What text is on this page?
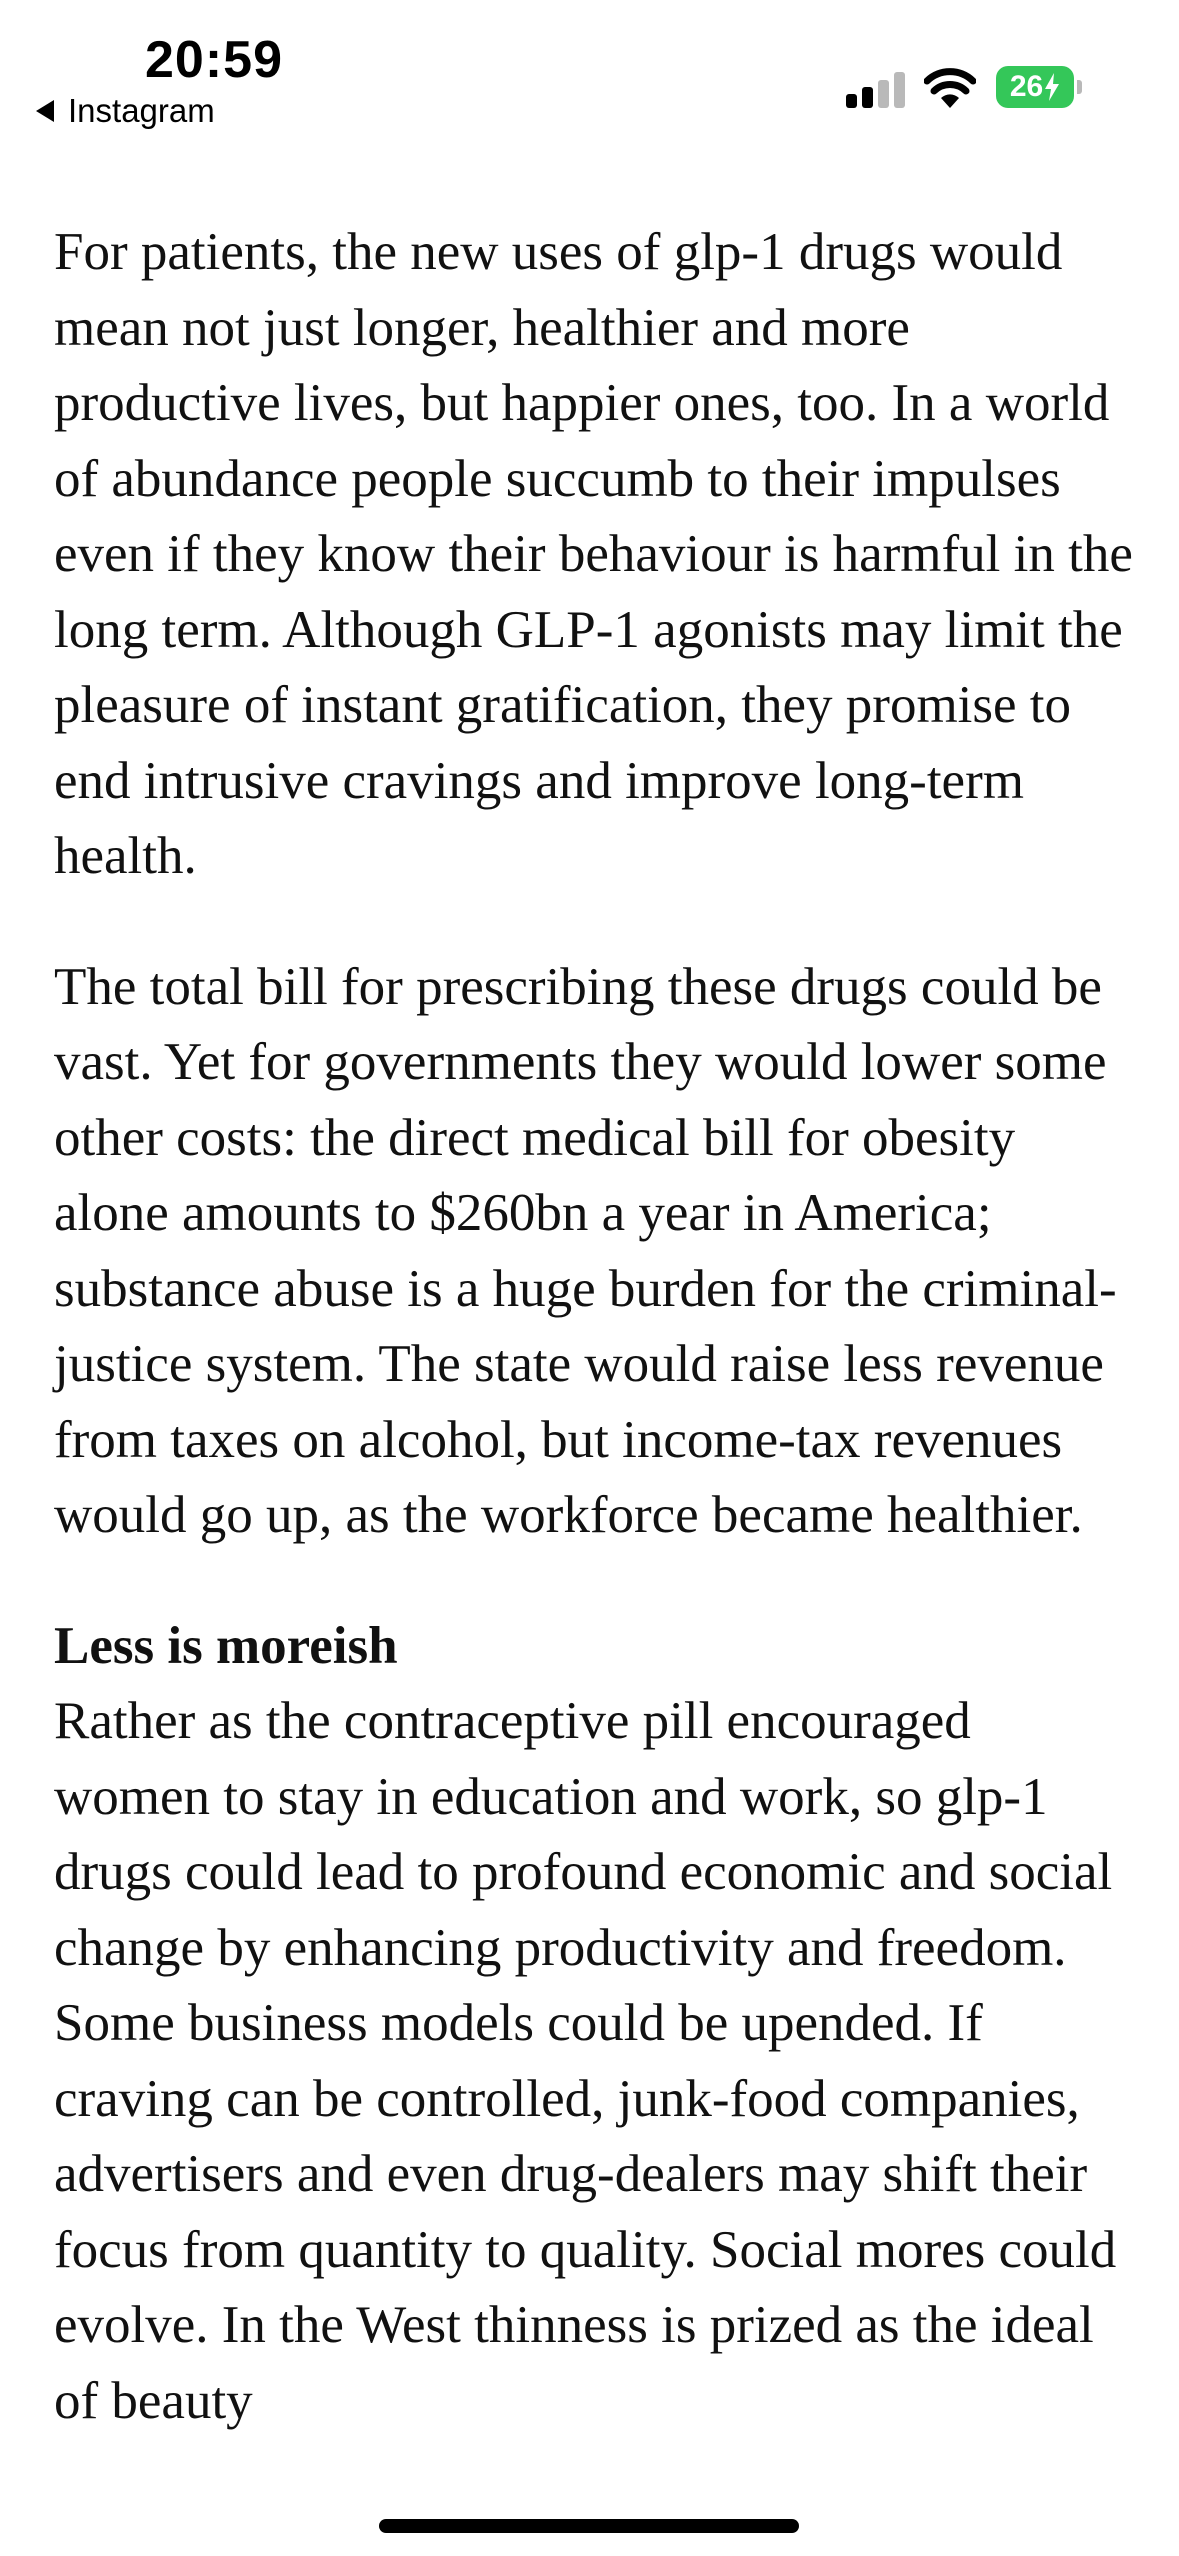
20:59
Instagram
26

For patients, the new uses of glp-1 drugs would mean not just longer, healthier and more productive lives, but happier ones, too. In a world of abundance people succumb to their impulses even if they know their behaviour is harmful in the long term. Although GLP-1 agonists may limit the pleasure of instant gratification, they promise to end intrusive cravings and improve long-term health.

The total bill for prescribing these drugs could be vast. Yet for governments they would lower some other costs: the direct medical bill for obesity alone amounts to $260bn a year in America; substance abuse is a huge burden for the criminal-justice system. The state would raise less revenue from taxes on alcohol, but income-tax revenues would go up, as the workforce became healthier.

Less is moreish

Rather as the contraceptive pill encouraged women to stay in education and work, so glp-1 drugs could lead to profound economic and social change by enhancing productivity and freedom. Some business models could be upended. If craving can be controlled, junk-food companies, advertisers and even drug-dealers may shift their focus from quantity to quality. Social mores could evolve. In the West thinness is prized as the ideal of beauty
